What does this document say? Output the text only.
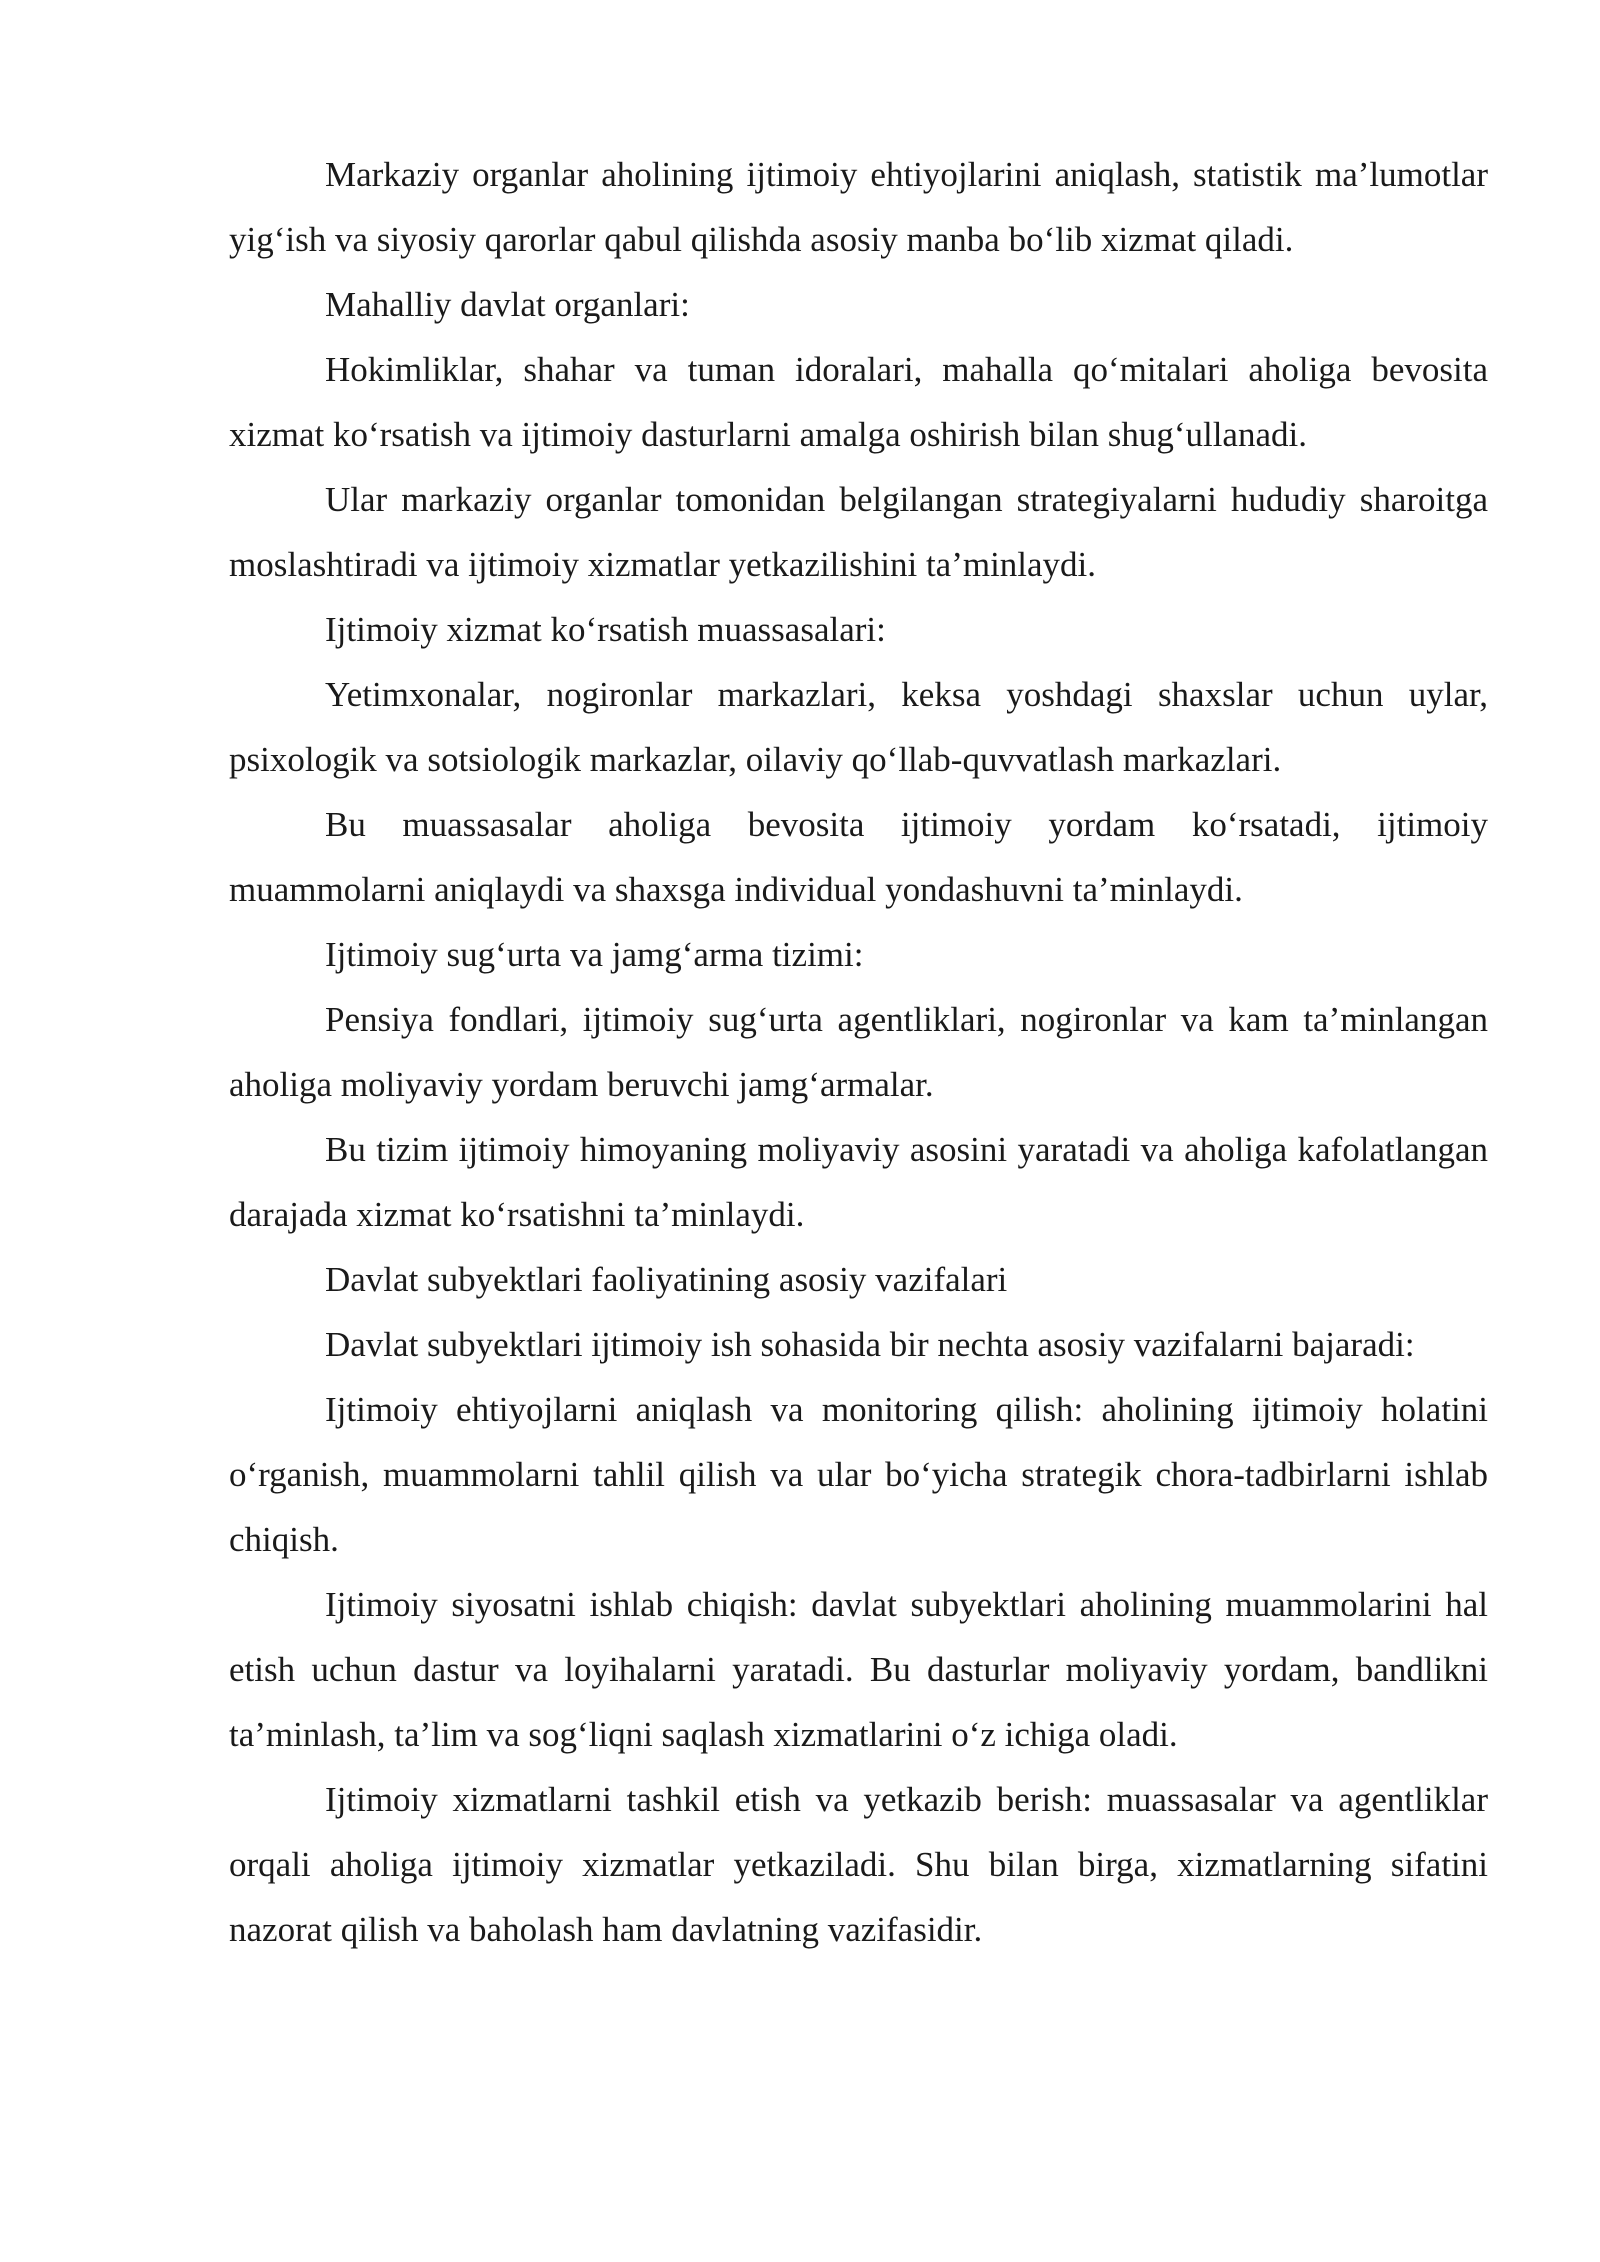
Markaziy organlar aholining ijtimoiy ehtiyojlarini aniqlash, statistik ma’lumotlar yig‘ish va siyosiy qarorlar qabul qilishda asosiy manba bo‘lib xizmat qiladi.

Mahalliy davlat organlari:

Hokimliklar, shahar va tuman idoralari, mahalla qo‘mitalari aholiga bevosita xizmat ko‘rsatish va ijtimoiy dasturlarni amalga oshirish bilan shug‘ullanadi.

Ular markaziy organlar tomonidan belgilangan strategiyalarni hududiy sharoitga moslashtiradi va ijtimoiy xizmatlar yetkazilishini ta’minlaydi.

Ijtimoiy xizmat ko‘rsatish muassasalari:

Yetimxonalar, nogironlar markazlari, keksa yoshdagi shaxslar uchun uylar, psixologik va sotsiologik markazlar, oilaviy qo‘llab-quvvatlash markazlari.

Bu muassasalar aholiga bevosita ijtimoiy yordam ko‘rsatadi, ijtimoiy muammolarni aniqlaydi va shaxsga individual yondashuvni ta’minlaydi.

Ijtimoiy sug‘urta va jamg‘arma tizimi:

Pensiya fondlari, ijtimoiy sug‘urta agentliklari, nogironlar va kam ta’minlangan aholiga moliyaviy yordam beruvchi jamg‘armalar.

Bu tizim ijtimoiy himoyaning moliyaviy asosini yaratadi va aholiga kafolatlangan darajada xizmat ko‘rsatishni ta’minlaydi.

Davlat subyektlari faoliyatining asosiy vazifalari

Davlat subyektlari ijtimoiy ish sohasida bir nechta asosiy vazifalarni bajaradi:

Ijtimoiy ehtiyojlarni aniqlash va monitoring qilish: aholining ijtimoiy holatini o‘rganish, muammolarni tahlil qilish va ular bo‘yicha strategik chora-tadbirlarni ishlab chiqish.

Ijtimoiy siyosatni ishlab chiqish: davlat subyektlari aholining muammolarini hal etish uchun dastur va loyihalarni yaratadi. Bu dasturlar moliyaviy yordam, bandlikni ta’minlash, ta’lim va sog‘liqni saqlash xizmatlarini o‘z ichiga oladi.

Ijtimoiy xizmatlarni tashkil etish va yetkazib berish: muassasalar va agentliklar orqali aholiga ijtimoiy xizmatlar yetkaziladi. Shu bilan birga, xizmatlarning sifatini nazorat qilish va baholash ham davlatning vazifasidir.
